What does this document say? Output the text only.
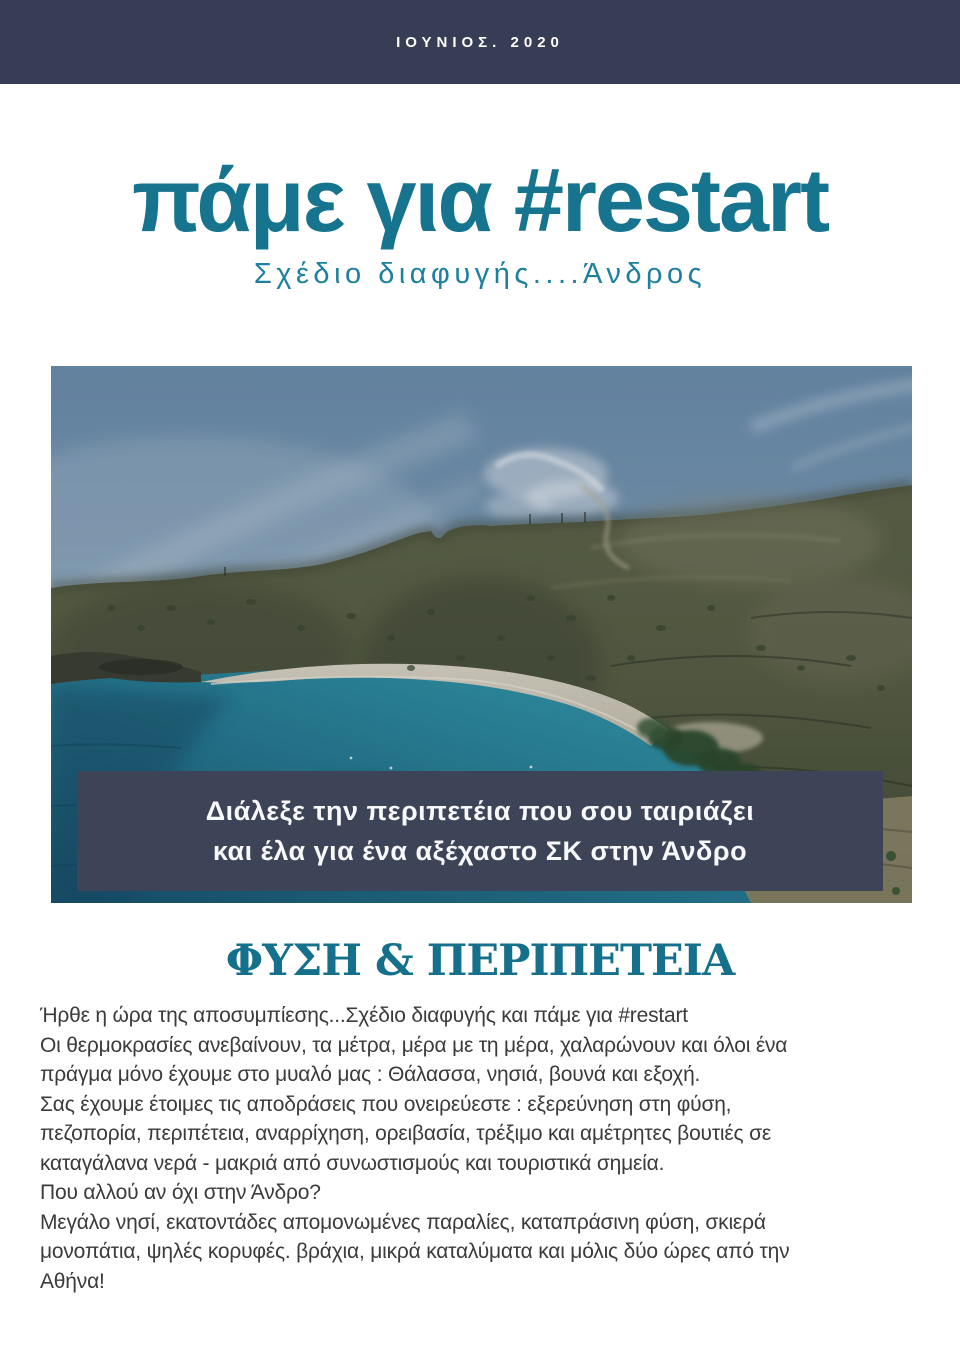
ΙΟΥΝΙΟΣ. 2020
πάμε για #restart
Σχέδιο διαφυγής....Άνδρος
Διάλεξε την περιπετέια που σου ταιριάζει
και έλα για ένα αξέχαστο ΣΚ στην Άνδρο
ΦΥΣΗ & ΠΕΡΙΠΕΤΕΙΑ
Ήρθε η ώρα της αποσυμπίεσης...Σχέδιο διαφυγής και πάμε για #restart
Οι θερμοκρασίες ανεβαίνουν, τα μέτρα, μέρα με τη μέρα, χαλαρώνουν και όλοι ένα
πράγμα μόνο έχουμε στο μυαλό μας : Θάλασσα, νησιά, βουνά και εξοχή.
Σας έχουμε έτοιμες τις αποδράσεις που ονειρεύεστε : εξερεύνηση στη φύση,
πεζοπορία, περιπέτεια, αναρρίχηση, ορειβασία, τρέξιμο και αμέτρητες βουτιές σε
καταγάλανα νερά - μακριά από συνωστισμούς και τουριστικά σημεία.
Που αλλού αν όχι στην Άνδρο?
Μεγάλο νησί, εκατοντάδες απομονωμένες παραλίες, καταπράσινη φύση, σκιερά
μονοπάτια, ψηλές κορυφές. βράχια, μικρά καταλύματα και μόλις δύο ώρες από την
Αθήνα!
